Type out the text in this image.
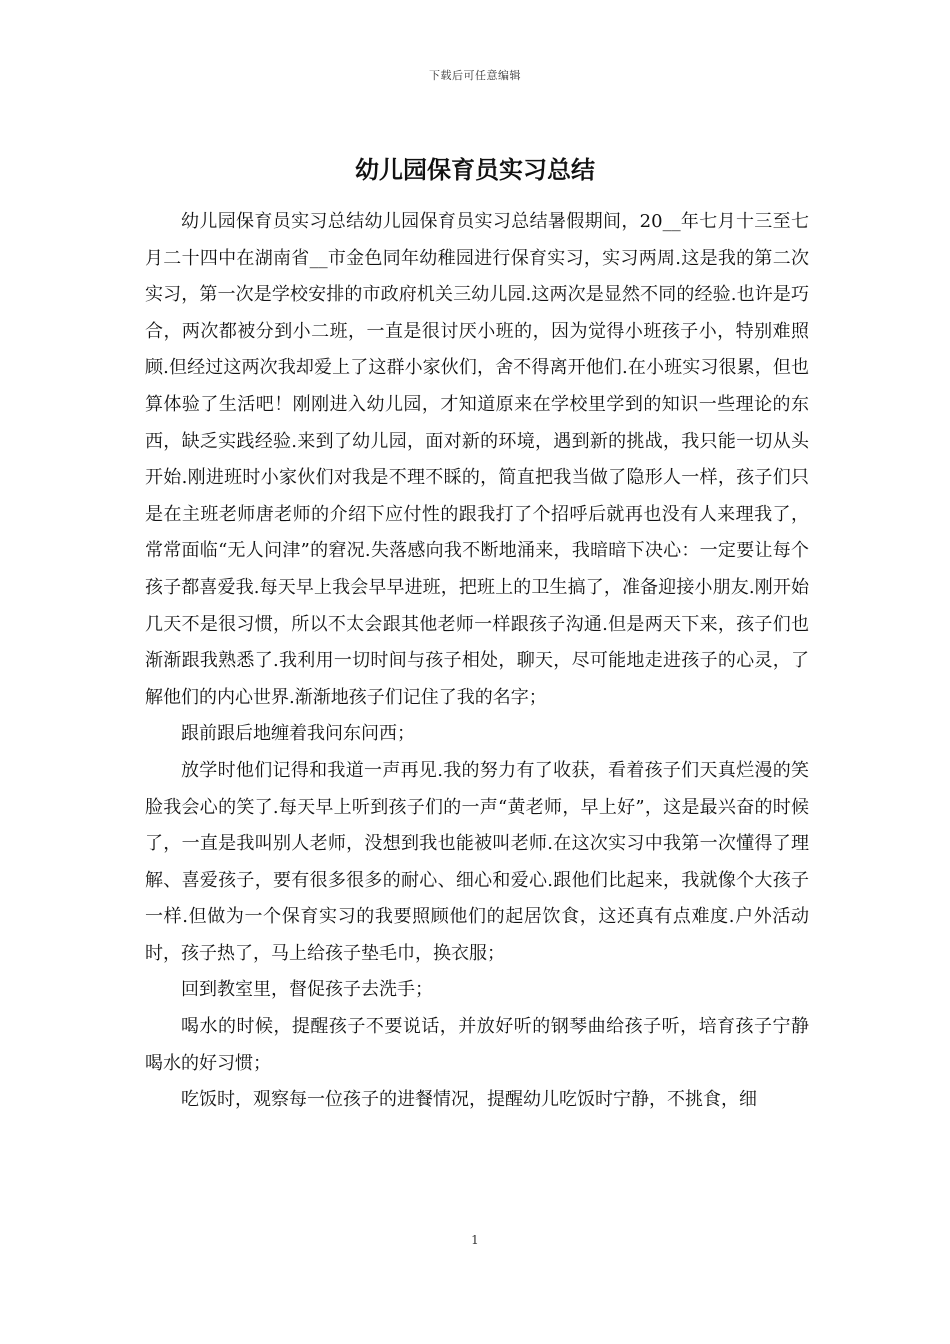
下载后可任意编辑
幼儿园保育员实习总结

幼儿园保育员实习总结幼儿园保育员实习总结暑假期间，20__年七月十三至七月二十四中在湖南省__市金色同年幼稚园进行保育实习，实习两周.这是我的第二次实习，第一次是学校安排的市政府机关三幼儿园.这两次是显然不同的经验.也许是巧合，两次都被分到小二班，一直是很讨厌小班的，因为觉得小班孩子小，特别难照顾.但经过这两次我却爱上了这群小家伙们，舍不得离开他们.在小班实习很累，但也算体验了生活吧！刚刚进入幼儿园，才知道原来在学校里学到的知识一些理论的东西，缺乏实践经验.来到了幼儿园，面对新的环境，遇到新的挑战，我只能一切从头开始.刚进班时小家伙们对我是不理不睬的，简直把我当做了隐形人一样，孩子们只是在主班老师唐老师的介绍下应付性的跟我打了个招呼后就再也没有人来理我了，常常面临“无人问津”的窘况.失落感向我不断地涌来，我暗暗下决心：一定要让每个孩子都喜爱我.每天早上我会早早进班，把班上的卫生搞了，准备迎接小朋友.刚开始几天不是很习惯，所以不太会跟其他老师一样跟孩子沟通.但是两天下来，孩子们也渐渐跟我熟悉了.我利用一切时间与孩子相处，聊天，尽可能地走进孩子的心灵，了解他们的内心世界.渐渐地孩子们记住了我的名字；

跟前跟后地缠着我问东问西；

放学时他们记得和我道一声再见.我的努力有了收获，看着孩子们天真烂漫的笑脸我会心的笑了.每天早上听到孩子们的一声“黄老师，早上好”，这是最兴奋的时候了，一直是我叫别人老师，没想到我也能被叫老师.在这次实习中我第一次懂得了理解、喜爱孩子，要有很多很多的耐心、细心和爱心.跟他们比起来，我就像个大孩子一样.但做为一个保育实习的我要照顾他们的起居饮食，这还真有点难度.户外活动时，孩子热了，马上给孩子垫毛巾，换衣服；

回到教室里，督促孩子去洗手；

喝水的时候，提醒孩子不要说话，并放好听的钢琴曲给孩子听，培育孩子宁静喝水的好习惯；

吃饭时，观察每一位孩子的进餐情况，提醒幼儿吃饭时宁静，不挑食，细

1
